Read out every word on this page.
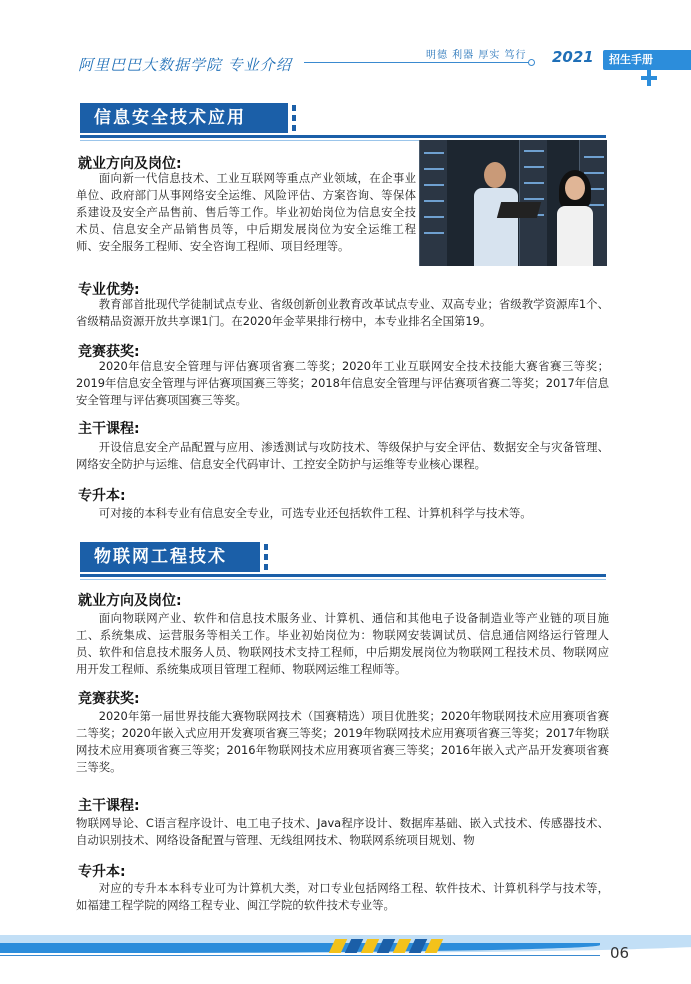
阿里巴巴大数据学院 专业介绍
明德 利器 厚实 笃行 2021	招生手册
信息安全技术应用
就业方向及岗位:
面向新一代信息技术、工业互联网等重点产业领域，在企事业单位、政府部门从事网络安全运维、风险评估、方案咨询、等保体系建设及安全产品售前、售后等工作。毕业初始岗位为信息安全技术员、信息安全产品销售员等，中后期发展岗位为安全运维工程师、安全服务工程师、安全咨询工程师、项目经理等。
专业优势:
教育部首批现代学徒制试点专业、省级创新创业教育改革试点专业、双高专业；省级教学资源库1个、省级精品资源开放共享课1门。在2020年金苹果排行榜中，本专业排名全国第19。
竞赛获奖:
2020年信息安全管理与评估赛项省赛二等奖；2020年工业互联网安全技术技能大赛省赛三等奖；2019年信息安全管理与评估赛项国赛三等奖；2018年信息安全管理与评估赛项省赛二等奖；2017年信息安全管理与评估赛项国赛三等奖。
主干课程:
开设信息安全产品配置与应用、渗透测试与攻防技术、等级保护与安全评估、数据安全与灾备管理、网络安全防护与运维、信息安全代码审计、工控安全防护与运维等专业核心课程。
专升本:
可对接的本科专业有信息安全专业，可选专业还包括软件工程、计算机科学与技术等。
物联网工程技术
就业方向及岗位:
面向物联网产业、软件和信息技术服务业、计算机、通信和其他电子设备制造业等产业链的项目施工、系统集成、运营服务等相关工作。毕业初始岗位为：物联网安装调试员、信息通信网络运行管理人员、软件和信息技术服务人员、物联网技术支持工程师，中后期发展岗位为物联网工程技术员、物联网应用开发工程师、系统集成项目管理工程师、物联网运维工程师等。
竞赛获奖:
2020年第一届世界技能大赛物联网技术（国赛精选）项目优胜奖；2020年物联网技术应用赛项省赛二等奖；2020年嵌入式应用开发赛项省赛三等奖；2019年物联网技术应用赛项省赛三等奖；2017年物联网技术应用赛项省赛三等奖；2016年物联网技术应用赛项省赛三等奖；2016年嵌入式产品开发赛项省赛三等奖。
主干课程:
物联网导论、C语言程序设计、电工电子技术、Java程序设计、数据库基础、嵌入式技术、传感器技术、自动识别技术、网络设备配置与管理、无线组网技术、物联网系统项目规划、物
专升本:
对应的专升本本科专业可为计算机大类，对口专业包括网络工程、软件技术、计算机科学与技术等，如福建工程学院的网络工程专业、闽江学院的软件技术专业等。
06
